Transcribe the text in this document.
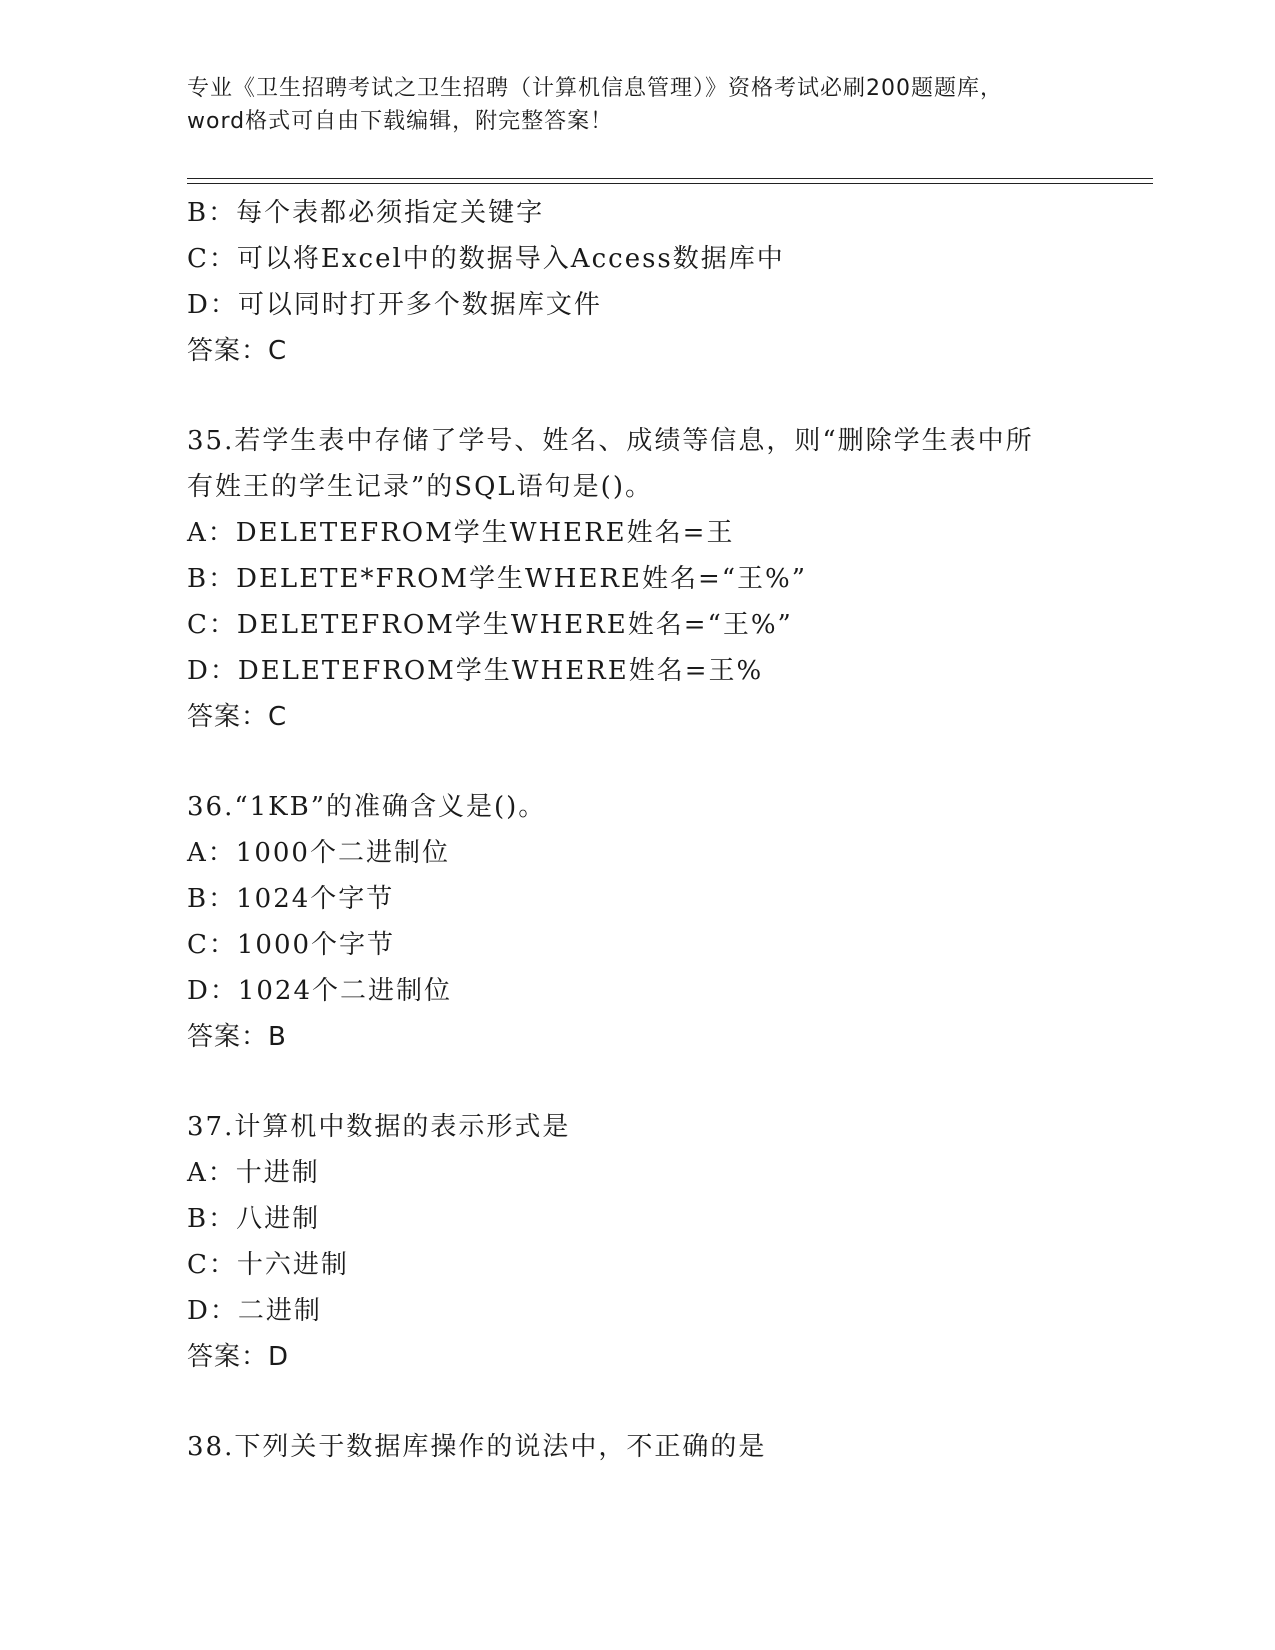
专业《卫生招聘考试之卫生招聘（计算机信息管理）》资格考试必刷200题题库，
word格式可自由下载编辑，附完整答案！
B：每个表都必须指定关键字
C：可以将Excel中的数据导入Access数据库中
D：可以同时打开多个数据库文件
答案：C
35.若学生表中存储了学号、姓名、成绩等信息，则“删除学生表中所
有姓王的学生记录”的SQL语句是()。
A：DELETEFROM学生WHERE姓名=王
B：DELETE*FROM学生WHERE姓名=“王%”
C：DELETEFROM学生WHERE姓名=“王%”
D：DELETEFROM学生WHERE姓名=王%
答案：C
36.“1KB”的准确含义是()。
A：1000个二进制位
B：1024个字节
C：1000个字节
D：1024个二进制位
答案：B
37.计算机中数据的表示形式是
A：十进制
B：八进制
C：十六进制
D：二进制
答案：D
38.下列关于数据库操作的说法中，不正确的是
